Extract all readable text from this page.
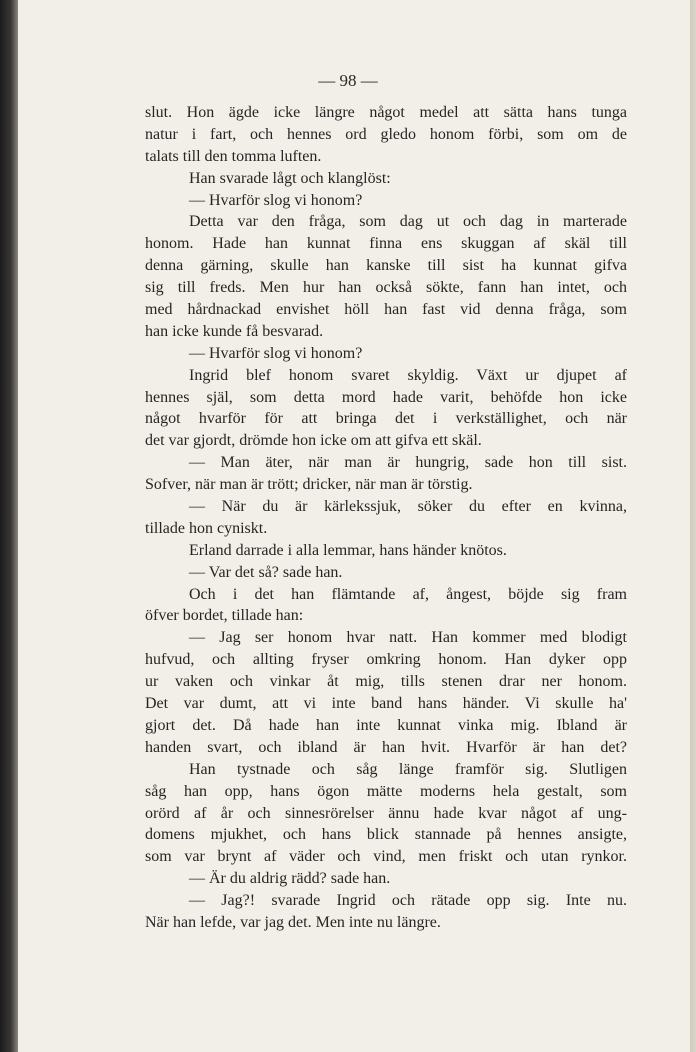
— 98 —
slut. Hon ägde icke längre något medel att sätta hans tunga
natur i fart, och hennes ord gledo honom förbi, som om de
talats till den tomma luften.
Han svarade lågt och klanglöst:
— Hvarför slog vi honom?
Detta var den fråga, som dag ut och dag in marterade
honom. Hade han kunnat finna ens skuggan af skäl till
denna gärning, skulle han kanske till sist ha kunnat gifva
sig till freds. Men hur han också sökte, fann han intet, och
med hårdnackad envishet höll han fast vid denna fråga, som
han icke kunde få besvarad.
— Hvarför slog vi honom?
Ingrid blef honom svaret skyldig. Växt ur djupet af
hennes själ, som detta mord hade varit, behöfde hon icke
något hvarför för att bringa det i verkställighet, och när
det var gjordt, drömde hon icke om att gifva ett skäl.
— Man äter, när man är hungrig, sade hon till sist.
Sofver, när man är trött; dricker, när man är törstig.
— När du är kärlekssjuk, söker du efter en kvinna,
tillade hon cyniskt.
Erland darrade i alla lemmar, hans händer knötos.
— Var det så? sade han.
Och i det han flämtande af, ångest, böjde sig fram
öfver bordet, tillade han:
— Jag ser honom hvar natt. Han kommer med blodigt
hufvud, och allting fryser omkring honom. Han dyker opp
ur vaken och vinkar åt mig, tills stenen drar ner honom.
Det var dumt, att vi inte band hans händer. Vi skulle ha'
gjort det. Då hade han inte kunnat vinka mig. Ibland är
handen svart, och ibland är han hvit. Hvarför är han det?
Han tystnade och såg länge framför sig. Slutligen
såg han opp, hans ögon mätte moderns hela gestalt, som
orörd af år och sinnesrörelser ännu hade kvar något af ung-
domens mjukhet, och hans blick stannade på hennes ansigte,
som var brynt af väder och vind, men friskt och utan rynkor.
— Är du aldrig rädd? sade han.
— Jag?! svarade Ingrid och rätade opp sig. Inte nu.
När han lefde, var jag det. Men inte nu längre.
